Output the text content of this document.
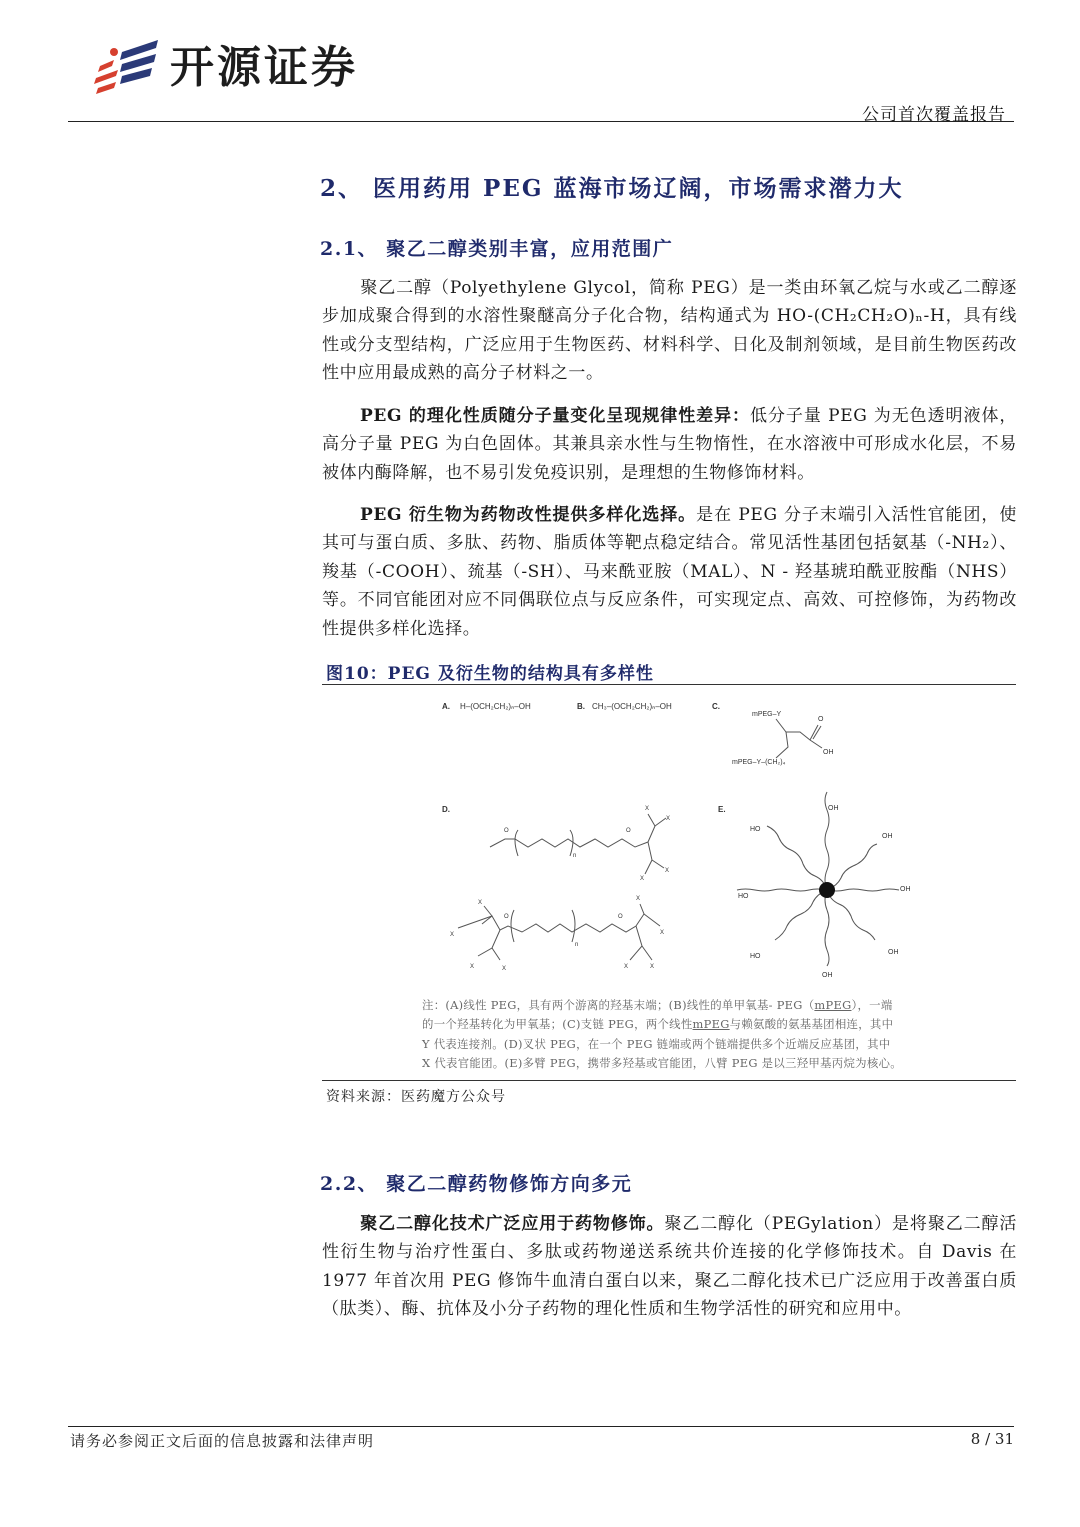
开源证券
公司首次覆盖报告
2、 医用药用 PEG 蓝海市场辽阔，市场需求潜力大
2.1、 聚乙二醇类别丰富，应用范围广
聚乙二醇（Polyethylene Glycol，简称 PEG）是一类由环氧乙烷与水或乙二醇逐步加成聚合得到的水溶性聚醚高分子化合物，结构通式为 HO-(CH₂CH₂O)ₙ-H，具有线性或分支型结构，广泛应用于生物医药、材料科学、日化及制剂领域，是目前生物医药改性中应用最成熟的高分子材料之一。
PEG 的理化性质随分子量变化呈现规律性差异：低分子量 PEG 为无色透明液体，高分子量 PEG 为白色固体。其兼具亲水性与生物惰性，在水溶液中可形成水化层，不易被体内酶降解，也不易引发免疫识别，是理想的生物修饰材料。
PEG 衍生物为药物改性提供多样化选择。是在 PEG 分子末端引入活性官能团，使其可与蛋白质、多肽、药物、脂质体等靶点稳定结合。常见活性基团包括氨基（-NH₂）、羧基（-COOH）、巯基（-SH）、马来酰亚胺（MAL）、N - 羟基琥珀酰亚胺酯（NHS）等。不同官能团对应不同偶联位点与反应条件，可实现定点、高效、可控修饰，为药物改性提供多样化选择。
图10：PEG 及衍生物的结构具有多样性
A. H–(OCH₂CH₂)ₙ–OH	B. CH₃–(OCH₂CH₂)ₙ–OH	C.
mPEG–Y
mPEG–Y–(CH₂)₄
O
OH
D.
O
n
O
X
X
X
X
X
X
X	X
O
n
O
X
X
X	X
E.	OH
HO
OH
HO
OH
HO
OH
OH
注：(A)线性 PEG，具有两个游离的羟基末端；(B)线性的单甲氧基- PEG（mPEG），一端
的一个羟基转化为甲氧基；(C)支链 PEG，两个线性mPEG与赖氨酸的氨基基团相连，其中
Y 代表连接剂。(D)叉状 PEG，在一个 PEG 链端或两个链端提供多个近端反应基团，其中
X 代表官能团。(E)多臂 PEG，携带多羟基或官能团，八臂 PEG 是以三羟甲基丙烷为核心。
资料来源：医药魔方公众号
2.2、 聚乙二醇药物修饰方向多元
聚乙二醇化技术广泛应用于药物修饰。聚乙二醇化（PEGylation）是将聚乙二醇活性衍生物与治疗性蛋白、多肽或药物递送系统共价连接的化学修饰技术。自 Davis 在 1977 年首次用 PEG 修饰牛血清白蛋白以来，聚乙二醇化技术已广泛应用于改善蛋白质（肽类）、酶、抗体及小分子药物的理化性质和生物学活性的研究和应用中。
请务必参阅正文后面的信息披露和法律声明	8 / 31
